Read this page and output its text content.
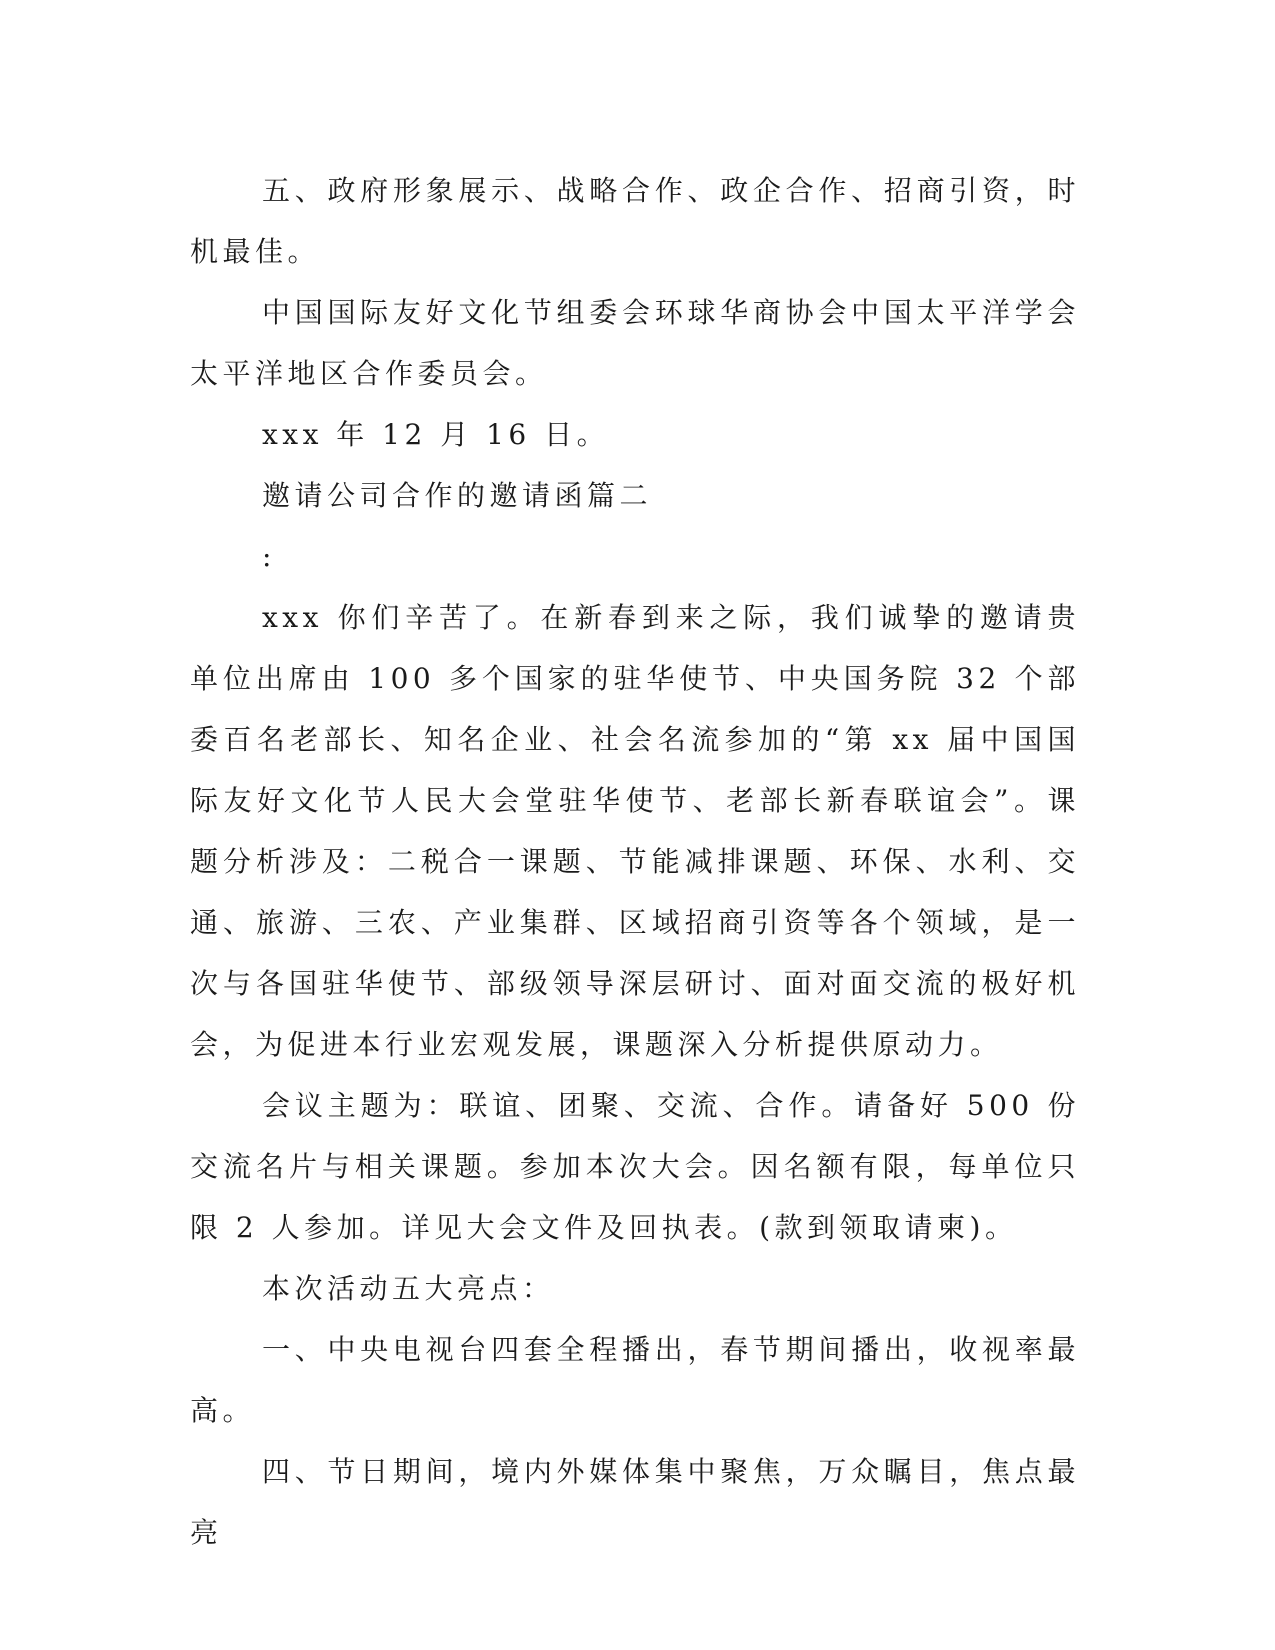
五、政府形象展示、战略合作、政企合作、招商引资，时机最佳。

中国国际友好文化节组委会环球华商协会中国太平洋学会太平洋地区合作委员会。

xxx 年 12 月 16 日。

邀请公司合作的邀请函篇二

:

xxx 你们辛苦了。在新春到来之际，我们诚挚的邀请贵单位出席由 100 多个国家的驻华使节、中央国务院 32 个部委百名老部长、知名企业、社会名流参加的“第 xx 届中国国际友好文化节人民大会堂驻华使节、老部长新春联谊会”。课题分析涉及：二税合一课题、节能减排课题、环保、水利、交通、旅游、三农、产业集群、区域招商引资等各个领域，是一次与各国驻华使节、部级领导深层研讨、面对面交流的极好机会，为促进本行业宏观发展，课题深入分析提供原动力。

会议主题为：联谊、团聚、交流、合作。请备好 500 份交流名片与相关课题。参加本次大会。因名额有限，每单位只限 2 人参加。详见大会文件及回执表。(款到领取请柬)。

本次活动五大亮点：

一、中央电视台四套全程播出，春节期间播出，收视率最高。

四、节日期间，境内外媒体集中聚焦，万众瞩目，焦点最亮
